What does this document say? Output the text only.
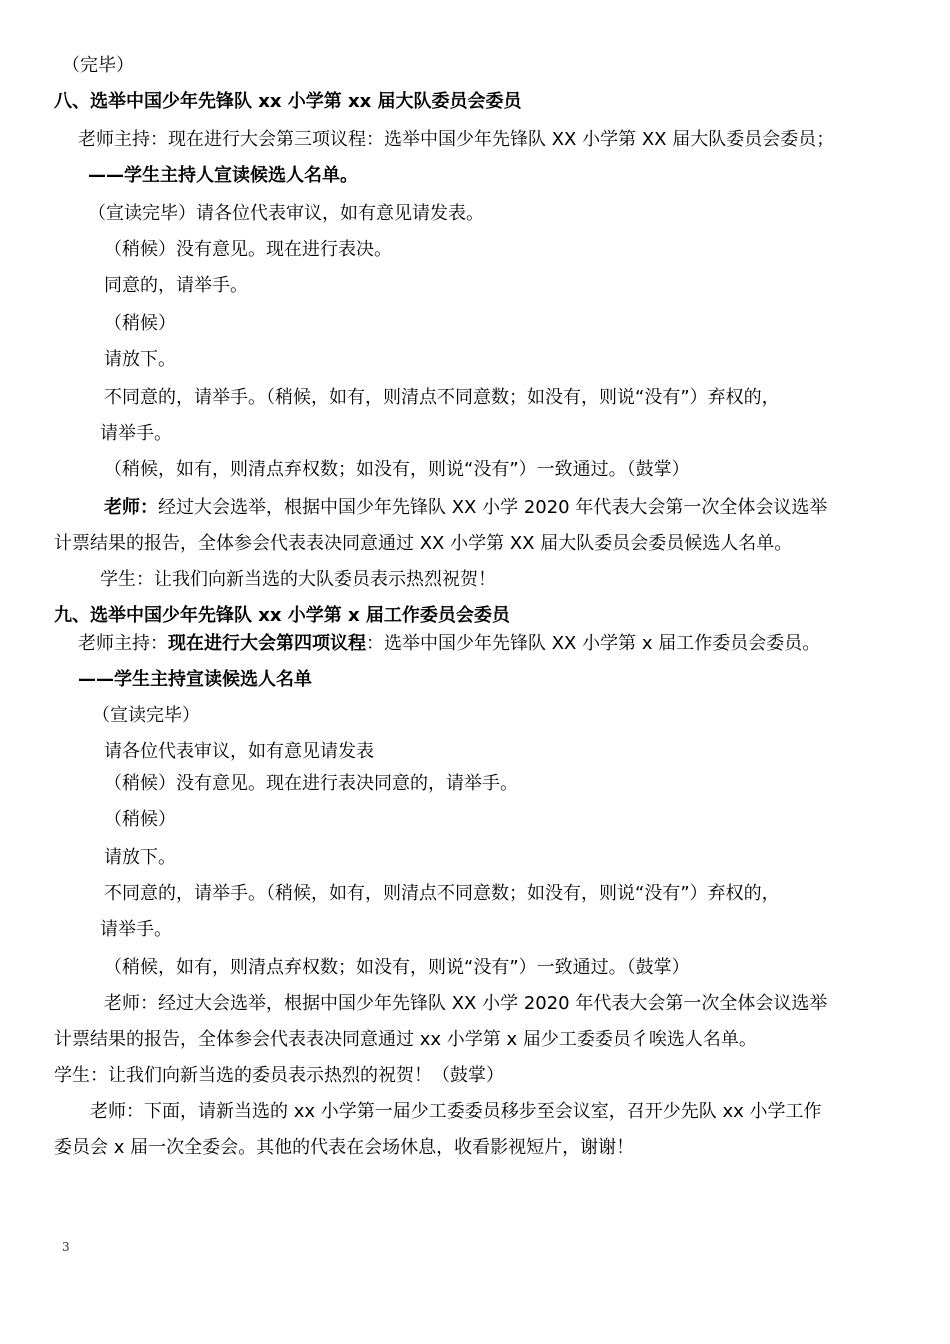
（完毕）
八、选举中国少年先锋队 xx 小学第 xx 届大队委员会委员
老师主持：现在进行大会第三项议程：选举中国少年先锋队 XX 小学第 XX 届大队委员会委员；
——学生主持人宣读候选人名单。
（宣读完毕）请各位代表审议，如有意见请发表。
（稍候）没有意见。现在进行表决。
同意的，请举手。
（稍候）
请放下。
不同意的，请举手。（稍候，如有，则清点不同意数；如没有，则说“没有”）弃权的，
请举手。
（稍候，如有，则清点弃权数；如没有，则说“没有”）一致通过。（鼓掌）
老师：经过大会选举，根据中国少年先锋队 XX 小学 2020 年代表大会第一次全体会议选举
计票结果的报告，全体参会代表表决同意通过 XX 小学第 XX 届大队委员会委员候选人名单。
学生：让我们向新当选的大队委员表示热烈祝贺！
九、选举中国少年先锋队 xx 小学第 x 届工作委员会委员
老师主持：现在进行大会第四项议程：选举中国少年先锋队 XX 小学第 x 届工作委员会委员。
——学生主持宣读候选人名单
（宣读完毕）
请各位代表审议，如有意见请发表
（稍候）没有意见。现在进行表决同意的，请举手。
（稍候）
请放下。
不同意的，请举手。（稍候，如有，则清点不同意数；如没有，则说“没有”）弃权的，
请举手。
（稍候，如有，则清点弃权数；如没有，则说“没有”）一致通过。（鼓掌）
老师：经过大会选举，根据中国少年先锋队 XX 小学 2020 年代表大会第一次全体会议选举
计票结果的报告，全体参会代表表决同意通过 xx 小学第 x 届少工委委员彳唉选人名单。
学生：让我们向新当选的委员表示热烈的祝贺！（鼓掌）
老师：下面，请新当选的 xx 小学第一届少工委委员移步至会议室，召开少先队 xx 小学工作
委员会 x 届一次全委会。其他的代表在会场休息，收看影视短片，谢谢！
3
